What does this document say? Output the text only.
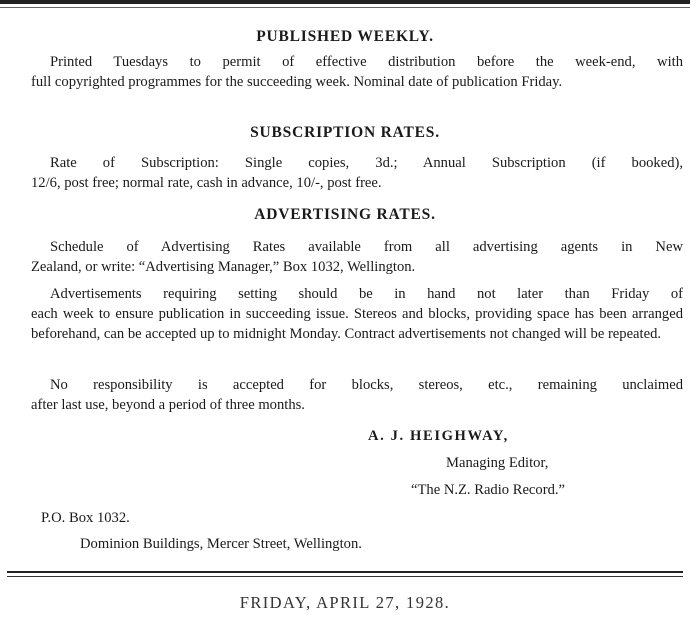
PUBLISHED WEEKLY.
Printed Tuesdays to permit of effective distribution before the week-end, with
full copyrighted programmes for the succeeding week. Nominal date of publication Friday.
SUBSCRIPTION RATES.
Rate of Subscription: Single copies, 3d.; Annual Subscription (if booked),
12/6, post free; normal rate, cash in advance, 10/-, post free.
ADVERTISING RATES.
Schedule of Advertising Rates available from all advertising agents in New
Zealand, or write: “Advertising Manager,” Box 1032, Wellington.
Advertisements requiring setting should be in hand not later than Friday of
each week to ensure publication in succeeding issue. Stereos and blocks, providing space has been arranged beforehand, can be accepted up to midnight Monday. Contract advertisements not changed will be repeated.
No responsibility is accepted for blocks, stereos, etc., remaining unclaimed
after last use, beyond a period of three months.
A. J. HEIGHWAY,
Managing Editor,
“The N.Z. Radio Record.”
P.O. Box 1032.
Dominion Buildings, Mercer Street, Wellington.
FRIDAY, APRIL 27, 1928.
